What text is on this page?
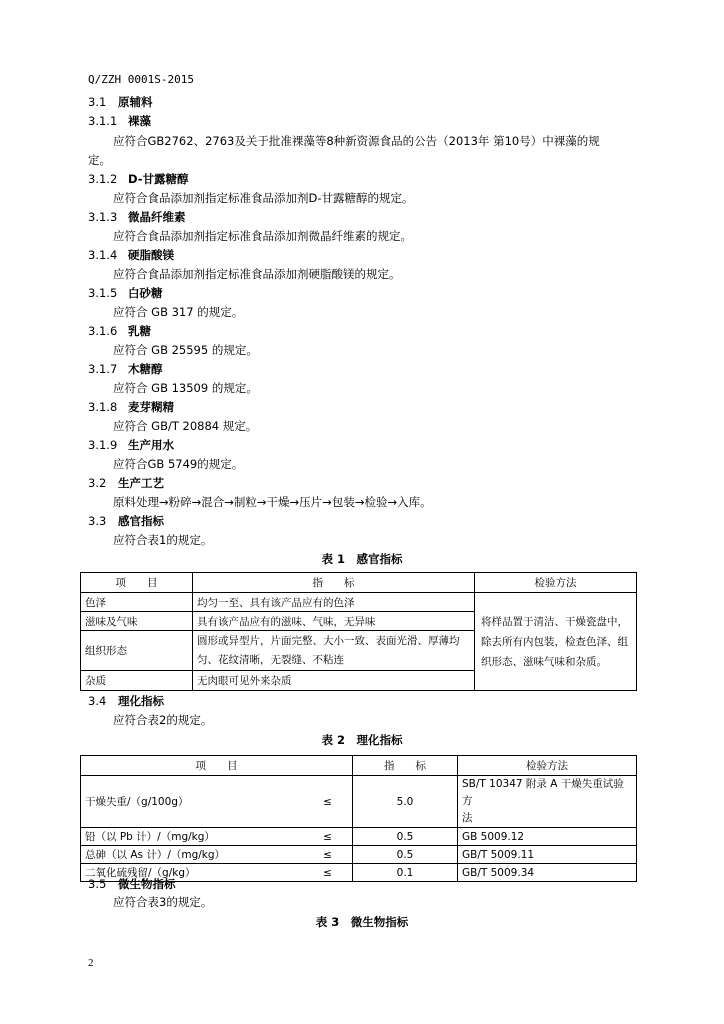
Q/ZZH 0001S-2015
3.1 原辅料
3.1.1 裸藻
应符合GB2762、2763及关于批准裸藻等8种新资源食品的公告（2013年 第10号）中裸藻的规
定。
3.1.2 D-甘露糖醇
应符合食品添加剂指定标准食品添加剂D-甘露糖醇的规定。
3.1.3 微晶纤维素
应符合食品添加剂指定标准食品添加剂微晶纤维素的规定。
3.1.4 硬脂酸镁
应符合食品添加剂指定标准食品添加剂硬脂酸镁的规定。
3.1.5 白砂糖
应符合 GB 317 的规定。
3.1.6 乳糖
应符合 GB 25595 的规定。
3.1.7 木糖醇
应符合 GB 13509 的规定。
3.1.8 麦芽糊精
应符合 GB/T 20884 规定。
3.1.9 生产用水
应符合GB 5749的规定。
3.2 生产工艺
原料处理→粉碎→混合→制粒→干燥→压片→包装→检验→入库。
3.3 感官指标
应符合表1的规定。
表 1　 感官指标
项　　目	指　　标	检验方法
色泽	均匀一至、具有该产品应有的色泽	将样品置于清洁、干燥瓷盘中，
除去所有内包装，检查色泽、组
织形态、滋味气味和杂质。

滋味及气味	具有该产品应有的滋味、气味，无异味	
组织形态	圆形或异型片，片面完整、大小一致、表面光滑、厚薄均
匀、花纹清晰，无裂缝、不粘连	

杂质	无肉眼可见外来杂质	
3.4 理化指标
应符合表2的规定。
表 2　 理化指标
项　　目		指　　标	检验方法
干燥失重/（g/100g）	≤	5.0	SB/T 10347 附录 A 干燥失重试验方
法

铅（以 Pb 计）/（mg/kg）	≤	0.5	GB 5009.12
总砷（以 As 计）/（mg/kg）	≤	0.5	GB/T 5009.11
二氧化硫残留/（g/kg）	≤	0.1	GB/T 5009.34
3.5 微生物指标
应符合表3的规定。
表 3　 微生物指标
2
